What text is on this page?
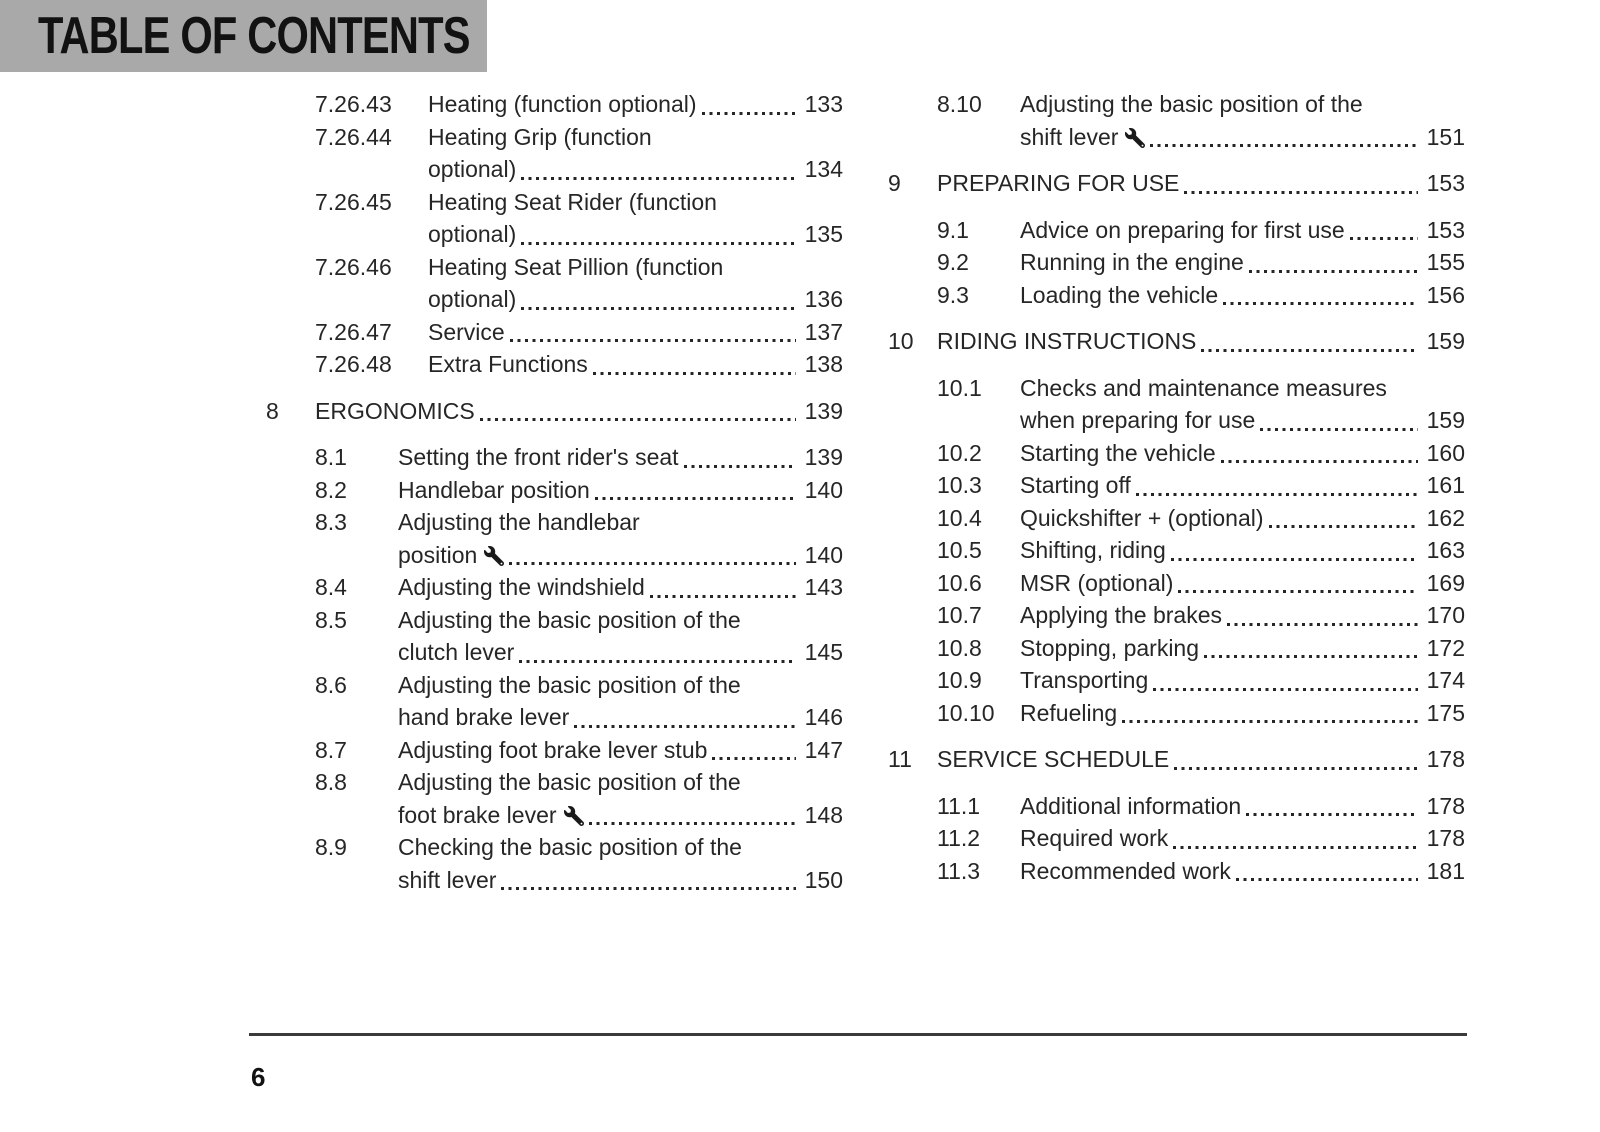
TABLE OF CONTENTS
7.26.43	Heating (function optional)	133
7.26.44	Heating Grip (function
optional)	134
7.26.45	Heating Seat Rider (function
optional)	135
7.26.46	Heating Seat Pillion (function
optional)	136
7.26.47	Service	137
7.26.48	Extra Functions	138
8	ERGONOMICS	139
8.1	Setting the front rider's seat	139
8.2	Handlebar position	140
8.3	Adjusting the handlebar
position	140
8.4	Adjusting the windshield	143
8.5	Adjusting the basic position of the
clutch lever	145
8.6	Adjusting the basic position of the
hand brake lever	146
8.7	Adjusting foot brake lever stub	147
8.8	Adjusting the basic position of the
foot brake lever	148
8.9	Checking the basic position of the
shift lever	150
8.10	Adjusting the basic position of the
shift lever	151
9	PREPARING FOR USE	153
9.1	Advice on preparing for first use	153
9.2	Running in the engine	155
9.3	Loading the vehicle	156
10	RIDING INSTRUCTIONS	159
10.1	Checks and maintenance measures
when preparing for use	159
10.2	Starting the vehicle	160
10.3	Starting off	161
10.4	Quickshifter + (optional)	162
10.5	Shifting, riding	163
10.6	MSR (optional)	169
10.7	Applying the brakes	170
10.8	Stopping, parking	172
10.9	Transporting	174
10.10	Refueling	175
11	SERVICE SCHEDULE	178
11.1	Additional information	178
11.2	Required work	178
11.3	Recommended work	181
6
